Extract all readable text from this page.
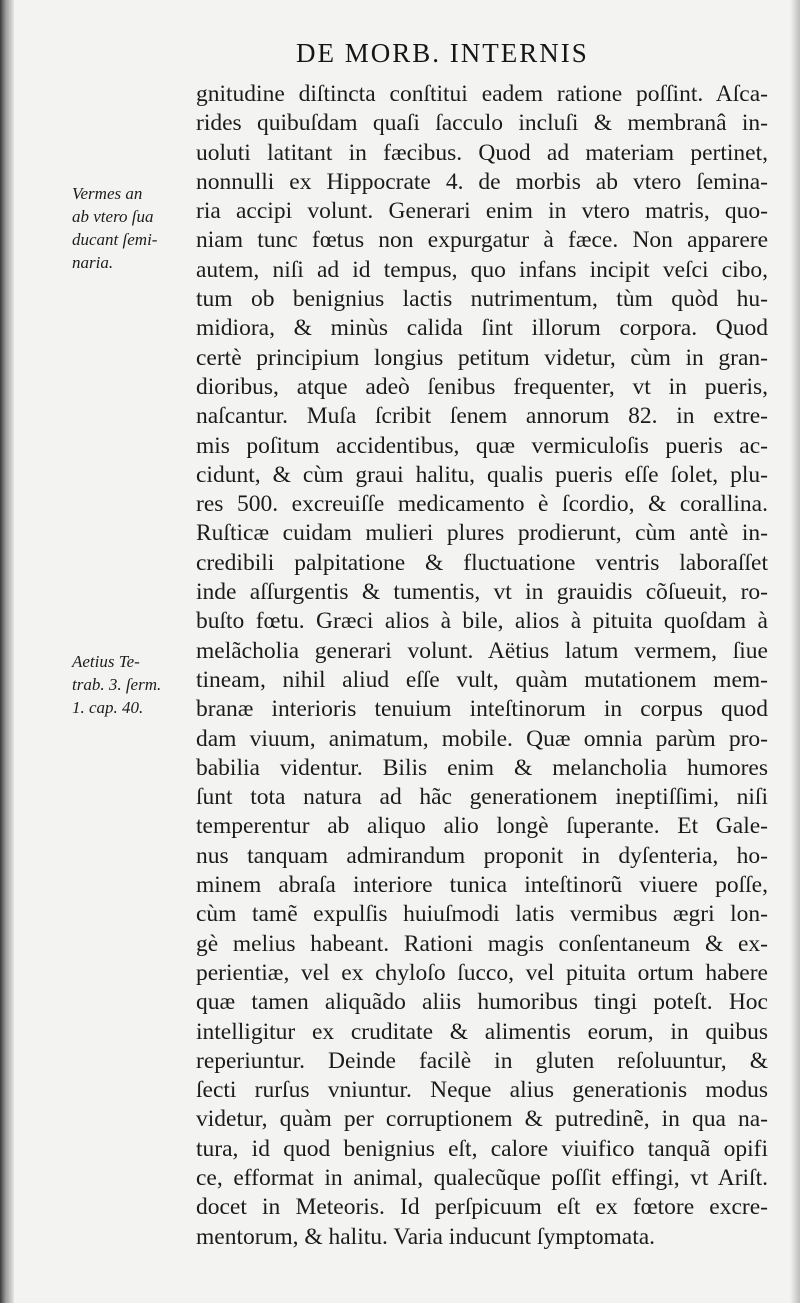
DE MORB. INTERNIS
Vermes an
ab vtero ſua
ducant ſemi-
naria.
Aetius Te-
trab. 3. ſerm.
1. cap. 40.
gnitudine diſtincta conſtitui eadem ratione poſſint. Aſca-
rides quibuſdam quaſi ſacculo incluſi & membranâ in-
uoluti latitant in fæcibus. Quod ad materiam pertinet,
nonnulli ex Hippocrate 4. de morbis ab vtero ſemina-
ria accipi volunt. Generari enim in vtero matris, quo-
niam tunc fœtus non expurgatur à fæce. Non apparere
autem, niſi ad id tempus, quo infans incipit veſci cibo,
tum ob benignius lactis nutrimentum, tùm quòd hu-
midiora, & minùs calida ſint illorum corpora. Quod
certè principium longius petitum videtur, cùm in gran-
dioribus, atque adeò ſenibus frequenter, vt in pueris,
naſcantur. Muſa ſcribit ſenem annorum 82. in extre-
mis poſitum accidentibus, quæ vermiculoſis pueris ac-
cidunt, & cùm graui halitu, qualis pueris eſſe ſolet, plu-
res 500. excreuiſſe medicamento è ſcordio, & corallina.
Ruſticæ cuidam mulieri plures prodierunt, cùm antè in-
credibili palpitatione & fluctuatione ventris laboraſſet
inde aſſurgentis & tumentis, vt in grauidis cõſueuit, ro-
buſto fœtu. Græci alios à bile, alios à pituita quoſdam à
melãcholia generari volunt. Aëtius latum vermem, ſiue
tineam, nihil aliud eſſe vult, quàm mutationem mem-
branæ interioris tenuium inteſtinorum in corpus quod
dam viuum, animatum, mobile. Quæ omnia parùm pro-
babilia videntur. Bilis enim & melancholia humores
ſunt tota natura ad hãc generationem ineptiſſimi, niſi
temperentur ab aliquo alio longè ſuperante. Et Gale-
nus tanquam admirandum proponit in dyſenteria, ho-
minem abraſa interiore tunica inteſtinorũ viuere poſſe,
cùm tamẽ expulſis huiuſmodi latis vermibus ægri lon-
gè melius habeant. Rationi magis conſentaneum & ex-
perientiæ, vel ex chyloſo ſucco, vel pituita ortum habere
quæ tamen aliquãdo aliis humoribus tingi poteſt. Hoc
intelligitur ex cruditate & alimentis eorum, in quibus
reperiuntur. Deinde facilè in gluten reſoluuntur, &
ſecti rurſus vniuntur. Neque alius generationis modus
videtur, quàm per corruptionem & putredinẽ, in qua na-
tura, id quod benignius eſt, calore viuifico tanquã opifi
ce, efformat in animal, qualecũque poſſit effingi, vt Ariſt.
docet in Meteoris. Id perſpicuum eſt ex fœtore excre-
mentorum, & halitu. Varia inducunt ſymptomata.
